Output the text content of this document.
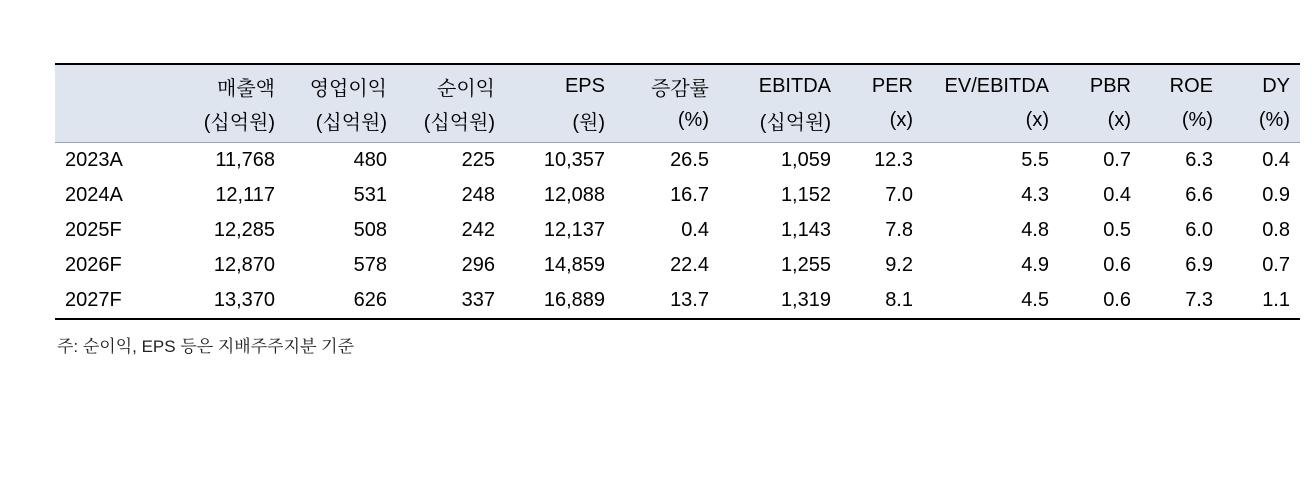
	매출액	영업이익	순이익	EPS	증감률	EBITDA	PER	EV/EBITDA	PBR	ROE	DY
	(십억원)	(십억원)	(십억원)	(원)	(%)	(십억원)	(x)	(x)	(x)	(%)	(%)
2023A	11,768	480	225	10,357	26.5	1,059	12.3	5.5	0.7	6.3	0.4
2024A	12,117	531	248	12,088	16.7	1,152	7.0	4.3	0.4	6.6	0.9
2025F	12,285	508	242	12,137	0.4	1,143	7.8	4.8	0.5	6.0	0.8
2026F	12,870	578	296	14,859	22.4	1,255	9.2	4.9	0.6	6.9	0.7
2027F	13,370	626	337	16,889	13.7	1,319	8.1	4.5	0.6	7.3	1.1
주: 순이익, EPS 등은 지배주주지분 기준
